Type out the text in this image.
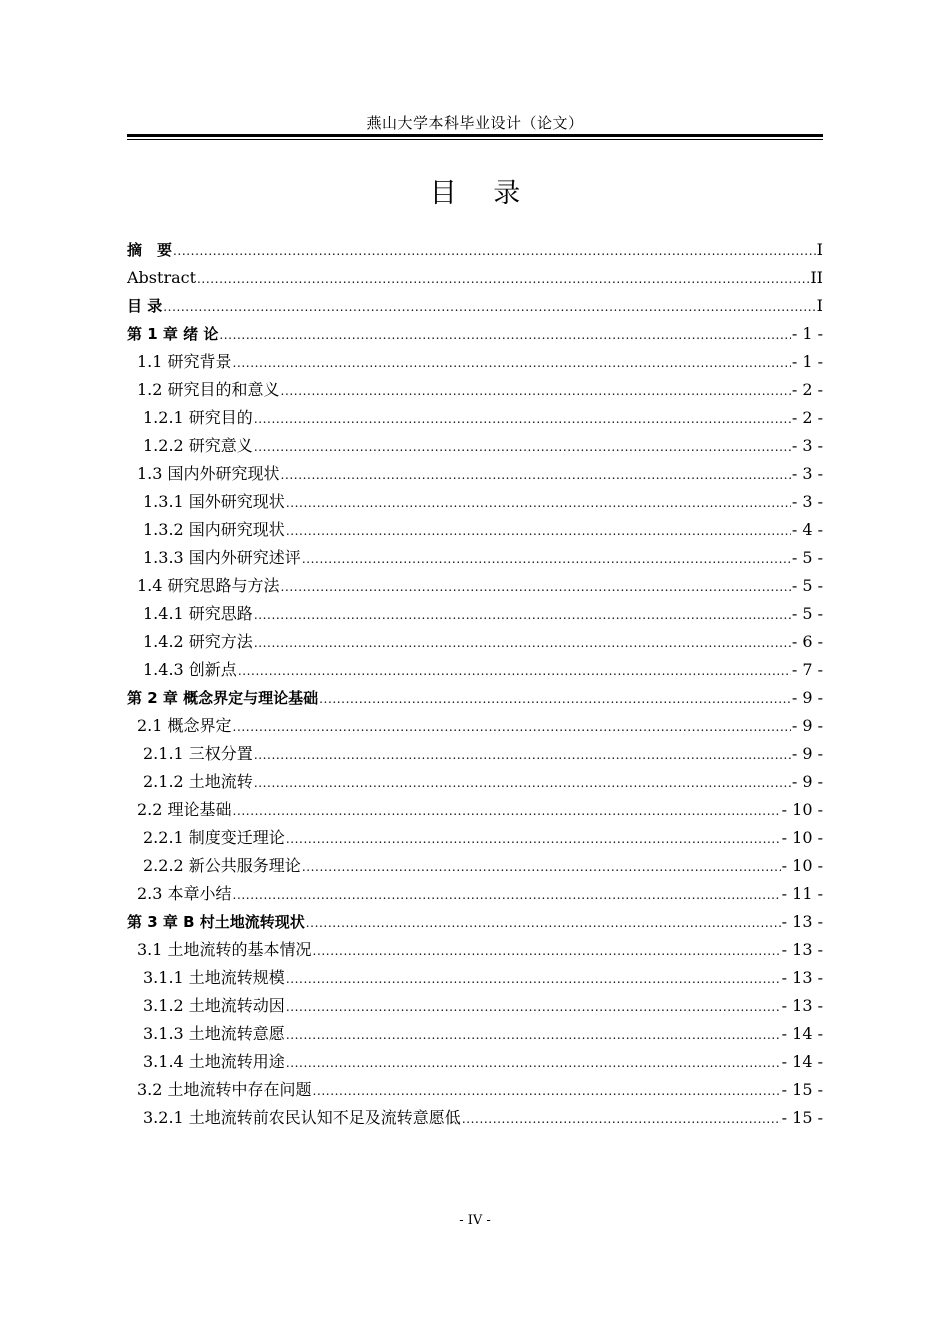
燕山大学本科毕业设计（论文）
目 录
摘　要 .....	I
Abstract .....	II
目 录 .....	I
第 1 章 绪 论 .....	- 1 -
1.1 研究背景 .....	- 1 -
1.2 研究目的和意义 .....	- 2 -
1.2.1 研究目的 .....	- 2 -
1.2.2 研究意义 .....	- 3 -
1.3 国内外研究现状 .....	- 3 -
1.3.1 国外研究现状 .....	- 3 -
1.3.2 国内研究现状 .....	- 4 -
1.3.3 国内外研究述评 .....	- 5 -
1.4 研究思路与方法 .....	- 5 -
1.4.1 研究思路 .....	- 5 -
1.4.2 研究方法 .....	- 6 -
1.4.3 创新点 .....	- 7 -
第 2 章 概念界定与理论基础 .....	- 9 -
2.1 概念界定 .....	- 9 -
2.1.1 三权分置 .....	- 9 -
2.1.2 土地流转 .....	- 9 -
2.2 理论基础 .....	- 10 -
2.2.1 制度变迁理论 .....	- 10 -
2.2.2 新公共服务理论 .....	- 10 -
2.3 本章小结 .....	- 11 -
第 3 章 B 村土地流转现状 .....	- 13 -
3.1 土地流转的基本情况 .....	- 13 -
3.1.1 土地流转规模 .....	- 13 -
3.1.2 土地流转动因 .....	- 13 -
3.1.3 土地流转意愿 .....	- 14 -
3.1.4 土地流转用途 .....	- 14 -
3.2 土地流转中存在问题 .....	- 15 -
3.2.1 土地流转前农民认知不足及流转意愿低 .....	- 15 -
- IV -
